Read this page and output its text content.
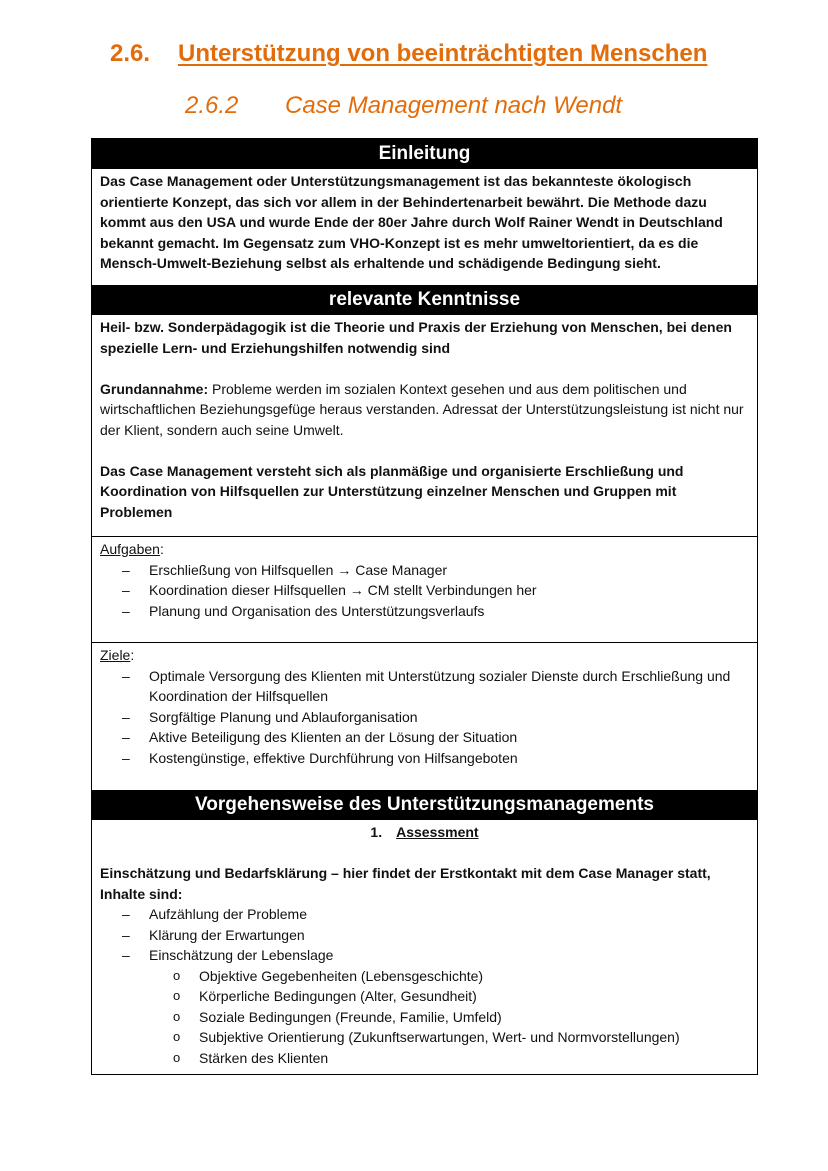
2.6. Unterstützung von beeinträchtigten Menschen
2.6.2 Case Management nach Wendt
Einleitung

Das Case Management oder Unterstützungsmanagement ist das bekannteste ökologisch orientierte Konzept, das sich vor allem in der Behindertenarbeit bewährt. Die Methode dazu kommt aus den USA und wurde Ende der 80er Jahre durch Wolf Rainer Wendt in Deutschland bekannt gemacht. Im Gegensatz zum VHO-Konzept ist es mehr umweltorientiert, da es die Mensch-Umwelt-Beziehung selbst als erhaltende und schädigende Bedingung sieht.

relevante Kenntnisse

Heil- bzw. Sonderpädagogik ist die Theorie und Praxis der Erziehung von Menschen, bei denen spezielle Lern- und Erziehungshilfen notwendig sind

Grundannahme: Probleme werden im sozialen Kontext gesehen und aus dem politischen und wirtschaftlichen Beziehungsgefüge heraus verstanden. Adressat der Unterstützungsleistung ist nicht nur der Klient, sondern auch seine Umwelt.

Das Case Management versteht sich als planmäßige und organisierte Erschließung und Koordination von Hilfsquellen zur Unterstützung einzelner Menschen und Gruppen mit Problemen

Aufgaben:

– Erschließung von Hilfsquellen → Case Manager
– Koordination dieser Hilfsquellen → CM stellt Verbindungen her
– Planung und Organisation des Unterstützungsverlaufs

Ziele:

– Optimale Versorgung des Klienten mit Unterstützung sozialer Dienste durch Erschließung und Koordination der Hilfsquellen
– Sorgfältige Planung und Ablauforganisation
– Aktive Beteiligung des Klienten an der Lösung der Situation
– Kostengünstige, effektive Durchführung von Hilfsangeboten
Vorgehensweise des Unterstützungsmanagements

1. Assessment

Einschätzung und Bedarfsklärung – hier findet der Erstkontakt mit dem Case Manager statt, Inhalte sind:

– Aufzählung der Probleme
– Klärung der Erwartungen
– Einschätzung der Lebenslage
o Objektive Gegebenheiten (Lebensgeschichte)
o Körperliche Bedingungen (Alter, Gesundheit)
o Soziale Bedingungen (Freunde, Familie, Umfeld)
o Subjektive Orientierung (Zukunftserwartungen, Wert- und Normvorstellungen)
o Stärken des Klienten
